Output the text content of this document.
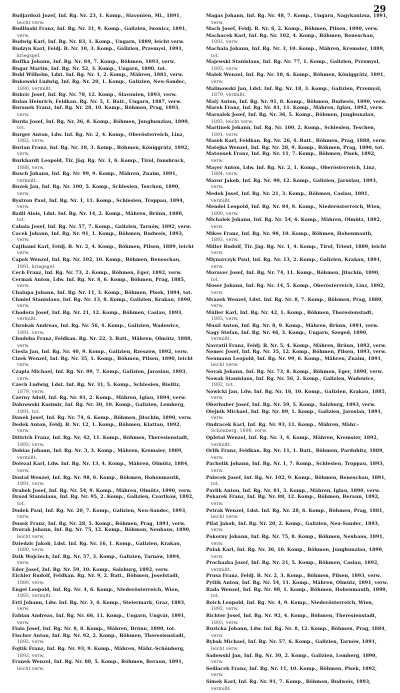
29

Budjardozi Jozef, Inf. Rg. Nr. 23, 1. Komp., Slavonien, Mi., 1891, leicht verw.

Budlinski Franz, Inf. Rg. Nr. 31, 9. Komp., Galizien, Iwonicz, 1891, verw.

Budwig Karl, Inf. Rg. Nr. 83, 1. Komp., Ungarn, 1889, leicht verw.

Budzyn Karl, Feldj. B. Nr. 10, 3. Komp., Galizien, Przemysl, 1891, kriegsgef.

Buffka Johann, Inf. Rg. Nr. 84, 7. Komp., Böhmen, 1893, verw.

Bugar Martin, Inf. Rg. Nr. 52, 3. Komp., Ungarn, 1890, tot.

Buhl Wilhelm, Ldst. Inf. Rg. Nr. 1, 2. Komp., Mähren, 1881, verw.

Bukowski Ludwig, Inf. Rg. Nr. 20, 1. Komp., Galizien, Neu-Sandec, 1890, vermißt.

Bukvic Josef, Inf. Rg. Nr. 78, 12. Komp., Slavonien, 1893, verw.

Bulan Heinrich, Feldkan. Rg. Nr. 5, 1. Batt., Ungarn, 1887, verw.

Buranek Franz, Inf. Rg. Nr. 28, 10. Komp., Böhmen, Prag, 1893, verw.

Burda Josef, Inf. Rg. Nr. 36, 8. Komp., Böhmen, Jungbunzlau, 1890, tot.

Burger Anton, Ldw. Inf. Rg. Nr. 2, 4. Komp., Oberösterreich, Linz, 1882, verw.

Burian Franz, Inf. Rg. Nr. 18, 3. Komp., Böhmen, Königgrätz, 1892, verw.

Burkhardt Leopold, Tir. Jäg. Rg. Nr. 3, 6. Komp., Tirol, Innsbruck, 1888, verw.

Busch Johann, Inf. Rg. Nr. 99, 9. Komp., Mähren, Znaim, 1891, vermißt.

Buzek Jan, Inf. Rg. Nr. 100, 5. Komp., Schlesien, Teschen, 1890, verw.

Bystron Paul, Inf. Rg. Nr. 1, 11. Komp., Schlesien, Troppau, 1894, verw.

Bzdil Alois, Ldst. Inf. Rg. Nr. 14, 2. Komp., Mähren, Brünn, 1880, tot.

Cabala Josef, Inf. Rg. Nr. 57, 7. Komp., Galizien, Tarnów, 1892, verw.

Cacek Johann, Inf. Rg. Nr. 91, 1. Komp., Böhmen, Budweis, 1893, verw.

Cajthaml Karl, Feldj. B. Nr. 2, 4. Komp., Böhmen, Pilsen, 1889, leicht verw.

Capek Wenzel, Inf. Rg. Nr. 102, 10. Komp., Böhmen, Beneschau, 1891, kriegsgef.

Cech Franz, Inf. Rg. Nr. 73, 2. Komp., Böhmen, Eger, 1892, verw.

Cermak Anton, Ldw. Inf. Rg. Nr. 8, 6. Komp., Böhmen, Prag, 1885, verw.

Chalupa Johann, Inf. Rg. Nr. 11, 3. Komp., Böhmen, Pisek, 1894, tot.

Chmiel Stanislaus, Inf. Rg. Nr. 13, 8. Komp., Galizien, Krakau, 1890, verw.

Chodora Josef, Inf. Rg. Nr. 21, 12. Komp., Böhmen, Caslau, 1893, vermißt.

Chrobak Andreas, Inf. Rg. Nr. 56, 4. Komp., Galizien, Wadowice, 1891, verw.

Chudoba Franz, Feldkan. Rg. Nr. 22, 3. Batt., Mähren, Olmütz, 1888, verw.

Ciesla Jan, Inf. Rg. Nr. 40, 9. Komp., Galizien, Rzeszów, 1892, verw.

Cizek Wenzel, Inf. Rg. Nr. 35, 1. Komp., Böhmen, Pilsen, 1890, leicht verw.

Czapla Michael, Inf. Rg. Nr. 89, 7. Komp., Galizien, Jaroslau, 1893, verw.

Czech Ludwig, Ldst. Inf. Rg. Nr. 31, 5. Komp., Schlesien, Bielitz, 1879, verw.

Czerny Adolf, Inf. Rg. Nr. 81, 2. Komp., Mähren, Iglau, 1894, verw.

Dabrowski Kasimir, Inf. Rg. Nr. 30, 10. Komp., Galizien, Lemberg, 1891, tot.

Danek Josef, Inf. Rg. Nr. 74, 6. Komp., Böhmen, Jitschin, 1890, verw.

Dedek Anton, Feldj. B. Nr. 12, 1. Komp., Böhmen, Klattau, 1892, verw.

Dittrich Franz, Inf. Rg. Nr. 42, 11. Komp., Böhmen, Theresienstadt, 1893, verw.

Dobias Johann, Inf. Rg. Nr. 3, 3. Komp., Mähren, Kremsier, 1889, vermißt.

Dolezal Karl, Ldw. Inf. Rg. Nr. 13, 4. Komp., Mähren, Olmütz, 1884, verw.

Dostal Wenzel, Inf. Rg. Nr. 98, 8. Komp., Böhmen, Hohenmauth, 1891, verw.

Drabek Josef, Inf. Rg. Nr. 54, 9. Komp., Mähren, Olmütz, 1890, verw.

Drozd Stanislaus, Inf. Rg. Nr. 95, 2. Komp., Galizien, Czortków, 1892, tot.

Dudek Paul, Inf. Rg. Nr. 20, 7. Komp., Galizien, Neu-Sandec, 1893, verw.

Dusek Franz, Inf. Rg. Nr. 28, 5. Komp., Böhmen, Prag, 1891, verw.

Dvorak Johann, Inf. Rg. Nr. 75, 12. Komp., Böhmen, Neuhaus, 1890, leicht verw.

Dziedzic Jakob, Ldst. Inf. Rg. Nr. 16, 1. Komp., Galizien, Krakau, 1880, verw.

Dzik Wojciech, Inf. Rg. Nr. 57, 3. Komp., Galizien, Tarnów, 1894, verw.

Eder Josef, Inf. Rg. Nr. 59, 10. Komp., Salzburg, 1892, verw.

Eichler Rudolf, Feldkan. Rg. Nr. 9, 2. Batt., Böhmen, Josefstadt, 1889, verw.

Engel Leopold, Inf. Rg. Nr. 4, 6. Komp., Niederösterreich, Wien, 1893, vermißt.

Ertl Johann, Ldw. Inf. Rg. Nr. 3, 4. Komp., Steiermark, Graz, 1883, verw.

Fabian Andreas, Inf. Rg. Nr. 66, 11. Komp., Ungarn, Ungvár, 1891, verw.

Fiala Josef, Inf. Rg. Nr. 8, 8. Komp., Mähren, Brünn, 1890, tot.

Fischer Anton, Inf. Rg. Nr. 92, 2. Komp., Böhmen, Theresienstadt, 1892, verw.

Fojtik Franz, Inf. Rg. Nr. 93, 9. Komp., Mähren, Mähr.-Schönberg, 1893, verw.

Franek Wenzel, Inf. Rg. Nr. 88, 5. Komp., Böhmen, Beraun, 1891, leicht verw.

Magas Johann, Inf. Rg. Nr. 48, 7. Komp., Ungarn, Nagykanizsa, 1891, verw.

Mach Josef, Feldj. B. Nr. 6, 2. Komp., Böhmen, Pilsen, 1890, verw.

Machacek Karl, Inf. Rg. Nr. 102, 4. Komp., Böhmen, Beneschau, 1892, verw.

Machala Johann, Inf. Rg. Nr. 3, 10. Komp., Mähren, Kremsier, 1889, tot.

Majewski Stanislaus, Inf. Rg. Nr. 77, 1. Komp., Galizien, Przemysl, 1893, verw.

Malek Wenzel, Inf. Rg. Nr. 18, 6. Komp., Böhmen, Königgrätz, 1891, verw.

Malinowski Jan, Ldst. Inf. Rg. Nr. 18, 3. Komp., Galizien, Przemysl, 1879, vermißt.

Malý Anton, Inf. Rg. Nr. 91, 8. Komp., Böhmen, Budweis, 1890, verw.

Marek Franz, Inf. Rg. Nr. 81, 11. Komp., Mähren, Iglau, 1892, verw.

Marsalek Josef, Inf. Rg. Nr. 36, 5. Komp., Böhmen, Jungbunzlau, 1893, leicht verw.

Martinek Johann, Inf. Rg. Nr. 100, 2. Komp., Schlesien, Teschen, 1891, verw.

Masek Karl, Feldkan. Rg. Nr. 26, 4. Batt., Böhmen, Prag, 1888, verw.

Matejka Wenzel, Inf. Rg. Nr. 28, 9. Komp., Böhmen, Prag, 1890, tot.

Matousek Franz, Inf. Rg. Nr. 11, 7. Komp., Böhmen, Pisek, 1892, verw.

Mayer Anton, Ldw. Inf. Rg. Nr. 2, 1. Komp., Oberösterreich, Linz, 1884, verw.

Mazur Jakob, Inf. Rg. Nr. 90, 12. Komp., Galizien, Jaroslau, 1893, verw.

Medek Josef, Inf. Rg. Nr. 21, 3. Komp., Böhmen, Caslau, 1891, vermißt.

Mendel Leopold, Inf. Rg. Nr. 84, 8. Komp., Niederösterreich, Wien, 1890, verw.

Michalek Johann, Inf. Rg. Nr. 54, 6. Komp., Mähren, Olmütz, 1892, verw.

Mikes Franz, Inf. Rg. Nr. 98, 10. Komp., Böhmen, Hohenmauth, 1893, verw.

Miller Rudolf, Tir. Jäg. Rg. Nr. 1, 4. Komp., Tirol, Trient, 1889, leicht verw.

Mlynarczyk Paul, Inf. Rg. Nr. 13, 2. Komp., Galizien, Krakau, 1891, verw.

Moravec Josef, Inf. Rg. Nr. 74, 11. Komp., Böhmen, Jitschin, 1890, tot.

Moser Johann, Inf. Rg. Nr. 14, 5. Komp., Oberösterreich, Linz, 1892, verw.

Mrazek Wenzel, Ldst. Inf. Rg. Nr. 8, 7. Komp., Böhmen, Prag, 1880, verw.

Müller Karl, Inf. Rg. Nr. 42, 1. Komp., Böhmen, Theresienstadt, 1893, verw.

Musil Anton, Inf. Rg. Nr. 8, 9. Komp., Mähren, Brünn, 1891, verw.

Nagy Stefan, Inf. Rg. Nr. 46, 3. Komp., Ungarn, Szeged, 1890, vermißt.

Navratil Franz, Feldj. B. Nr. 5, 4. Komp., Mähren, Brünn, 1892, verw.

Nemec Josef, Inf. Rg. Nr. 35, 12. Komp., Böhmen, Pilsen, 1893, verw.

Neumann Leopold, Inf. Rg. Nr. 99, 6. Komp., Mähren, Znaim, 1891, leicht verw.

Novak Johann, Inf. Rg. Nr. 73, 8. Komp., Böhmen, Eger, 1890, verw.

Nowak Stanislaus, Inf. Rg. Nr. 56, 2. Komp., Galizien, Wadowice, 1892, tot.

Nowicki Jan, Ldw. Inf. Rg. Nr. 16, 10. Komp., Galizien, Krakau, 1885, verw.

Oberhuber Josef, Inf. Rg. Nr. 59, 5. Komp., Salzburg, 1893, verw.

Olejnik Michael, Inf. Rg. Nr. 89, 1. Komp., Galizien, Jaroslau, 1891, verw.

Ondracek Karl, Inf. Rg. Nr. 93, 11. Komp., Mähren, Mähr.-Schönberg, 1890, verw.

Opletal Wenzel, Inf. Rg. Nr. 3, 4. Komp., Mähren, Kremsier, 1892, vermißt.

Orlik Franz, Feldkan. Rg. Nr. 11, 1. Batt., Böhmen, Pardubitz, 1889, verw.

Pacholik Johann, Inf. Rg. Nr. 1, 7. Komp., Schlesien, Troppau, 1893, verw.

Palecek Josef, Inf. Rg. Nr. 102, 9. Komp., Böhmen, Beneschau, 1891, tot.

Pavlik Anton, Inf. Rg. Nr. 81, 3. Komp., Mähren, Iglau, 1890, verw.

Pekarek Franz, Inf. Rg. Nr. 88, 12. Komp., Böhmen, Beraun, 1892, verw.

Petrak Wenzel, Ldst. Inf. Rg. Nr. 28, 6. Komp., Böhmen, Prag, 1881, leicht verw.

Pilat Jakob, Inf. Rg. Nr. 20, 2. Komp., Galizien, Neu-Sandec, 1893, verw.

Pokorny Johann, Inf. Rg. Nr. 75, 8. Komp., Böhmen, Neuhaus, 1891, verw.

Polak Karl, Inf. Rg. Nr. 36, 10. Komp., Böhmen, Jungbunzlau, 1890, verw.

Prochazka Josef, Inf. Rg. Nr. 21, 5. Komp., Böhmen, Caslau, 1892, vermißt.

Prusa Franz, Feldj. B. Nr. 2, 3. Komp., Böhmen, Pilsen, 1893, verw.

Pytlik Anton, Inf. Rg. Nr. 54, 11. Komp., Mähren, Olmütz, 1891, verw.

Rada Wenzel, Inf. Rg. Nr. 98, 1. Komp., Böhmen, Hohenmauth, 1890, tot.

Reich Leopold, Inf. Rg. Nr. 4, 9. Komp., Niederösterreich, Wien, 1892, verw.

Richter Josef, Inf. Rg. Nr. 92, 4. Komp., Böhmen, Theresienstadt, 1893, verw.

Ruzicka Johann, Ldw. Inf. Rg. Nr. 8, 12. Komp., Böhmen, Prag, 1884, verw.

Rybak Michael, Inf. Rg. Nr. 57, 6. Komp., Galizien, Tarnów, 1891, leicht verw.

Sadowski Jan, Inf. Rg. Nr. 30, 2. Komp., Galizien, Lemberg, 1890, verw.

Sedlacek Franz, Inf. Rg. Nr. 11, 10. Komp., Böhmen, Pisek, 1892, verw.

Simek Karl, Inf. Rg. Nr. 91, 7. Komp., Böhmen, Budweis, 1893, vermißt.
